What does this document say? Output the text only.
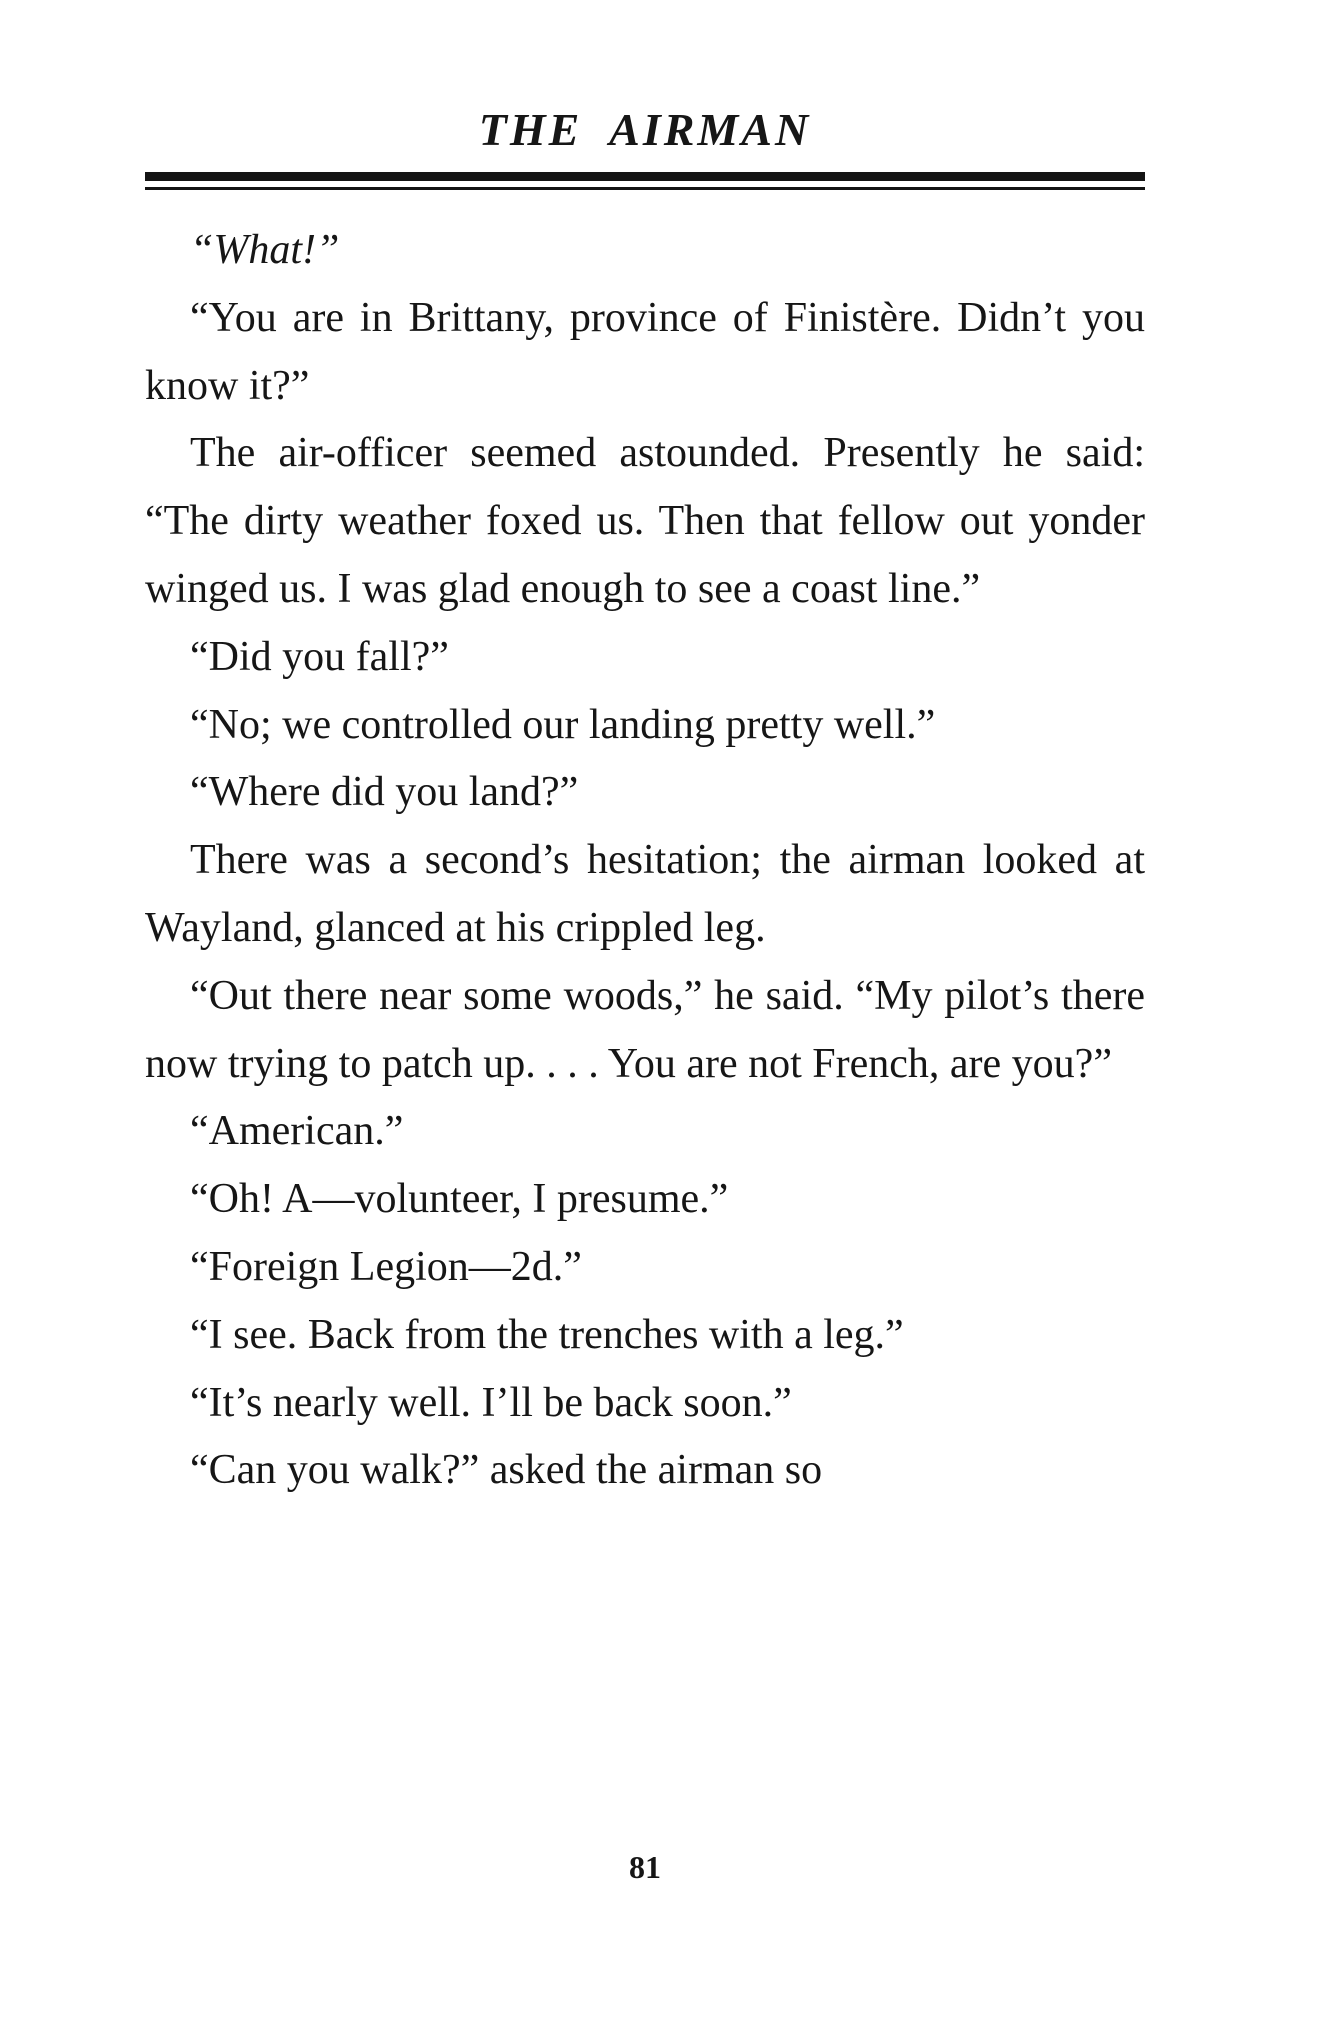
THE AIRMAN

“What!”

“You are in Brittany, province of Finistère. Didn’t you know it?”

The air-officer seemed astounded. Presently he said: “The dirty weather foxed us. Then that fellow out yonder winged us. I was glad enough to see a coast line.”

“Did you fall?”

“No; we controlled our landing pretty well.”

“Where did you land?”

There was a second’s hesitation; the airman looked at Wayland, glanced at his crippled leg.

“Out there near some woods,” he said. “My pilot’s there now trying to patch up. . . . You are not French, are you?”

“American.”

“Oh! A—volunteer, I presume.”

“Foreign Legion—2d.”

“I see. Back from the trenches with a leg.”

“It’s nearly well. I’ll be back soon.”

“Can you walk?” asked the airman so

81
